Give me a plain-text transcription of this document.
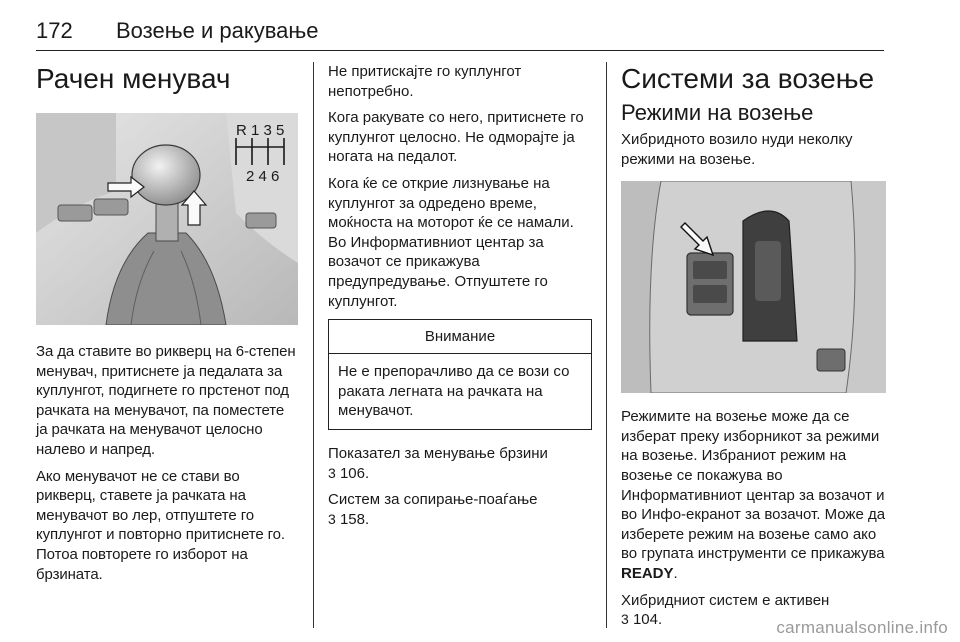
172 Возење и ракување
Рачен менувач
R 1 3 5
2 4 6

За да ставите во рикверц на 6-степен менувач, притиснете ја педалата за куплунгот, подигнете го прстенот под рачката на менувачот, па поместете ја рачката на менувачот целосно налево и напред.

Ако менувачот не се стави во рикверц, ставете ја рачката на менувачот во лер, отпуштете го куплунгот и повторно притиснете го. Потоа повторете го изборот на брзината.

Не притискајте го куплунгот непотребно.

Кога ракувате со него, притиснете го куплунгот целосно. Не одморајте ја ногата на педалот.

Кога ќе се открие лизнување на куплунгот за одредено време, моќноста на моторот ќе се намали. Во Информативниот центар за возачот се прикажува предупредување. Отпуштете го куплунгот.

Внимание
Не е препорачливо да се вози со раката легната на рачката на менувачот.

Показател за менување брзини
3 106.

Систем за сопирање-поаѓање
3 158.

Системи за возење
Режими на возење

Хибридното возило нуди неколку режими на возење.

Режимите на возење може да се изберат преку изборникот за режими на возење. Избраниот режим на возење се покажува во Информативниот центар за возачот и во Инфо-екранот за возачот. Може да изберете режим на возење само ако во групата инструменти се прикажува READY.

Хибридниот систем е активен
3 104.	carmanualsonline.info
